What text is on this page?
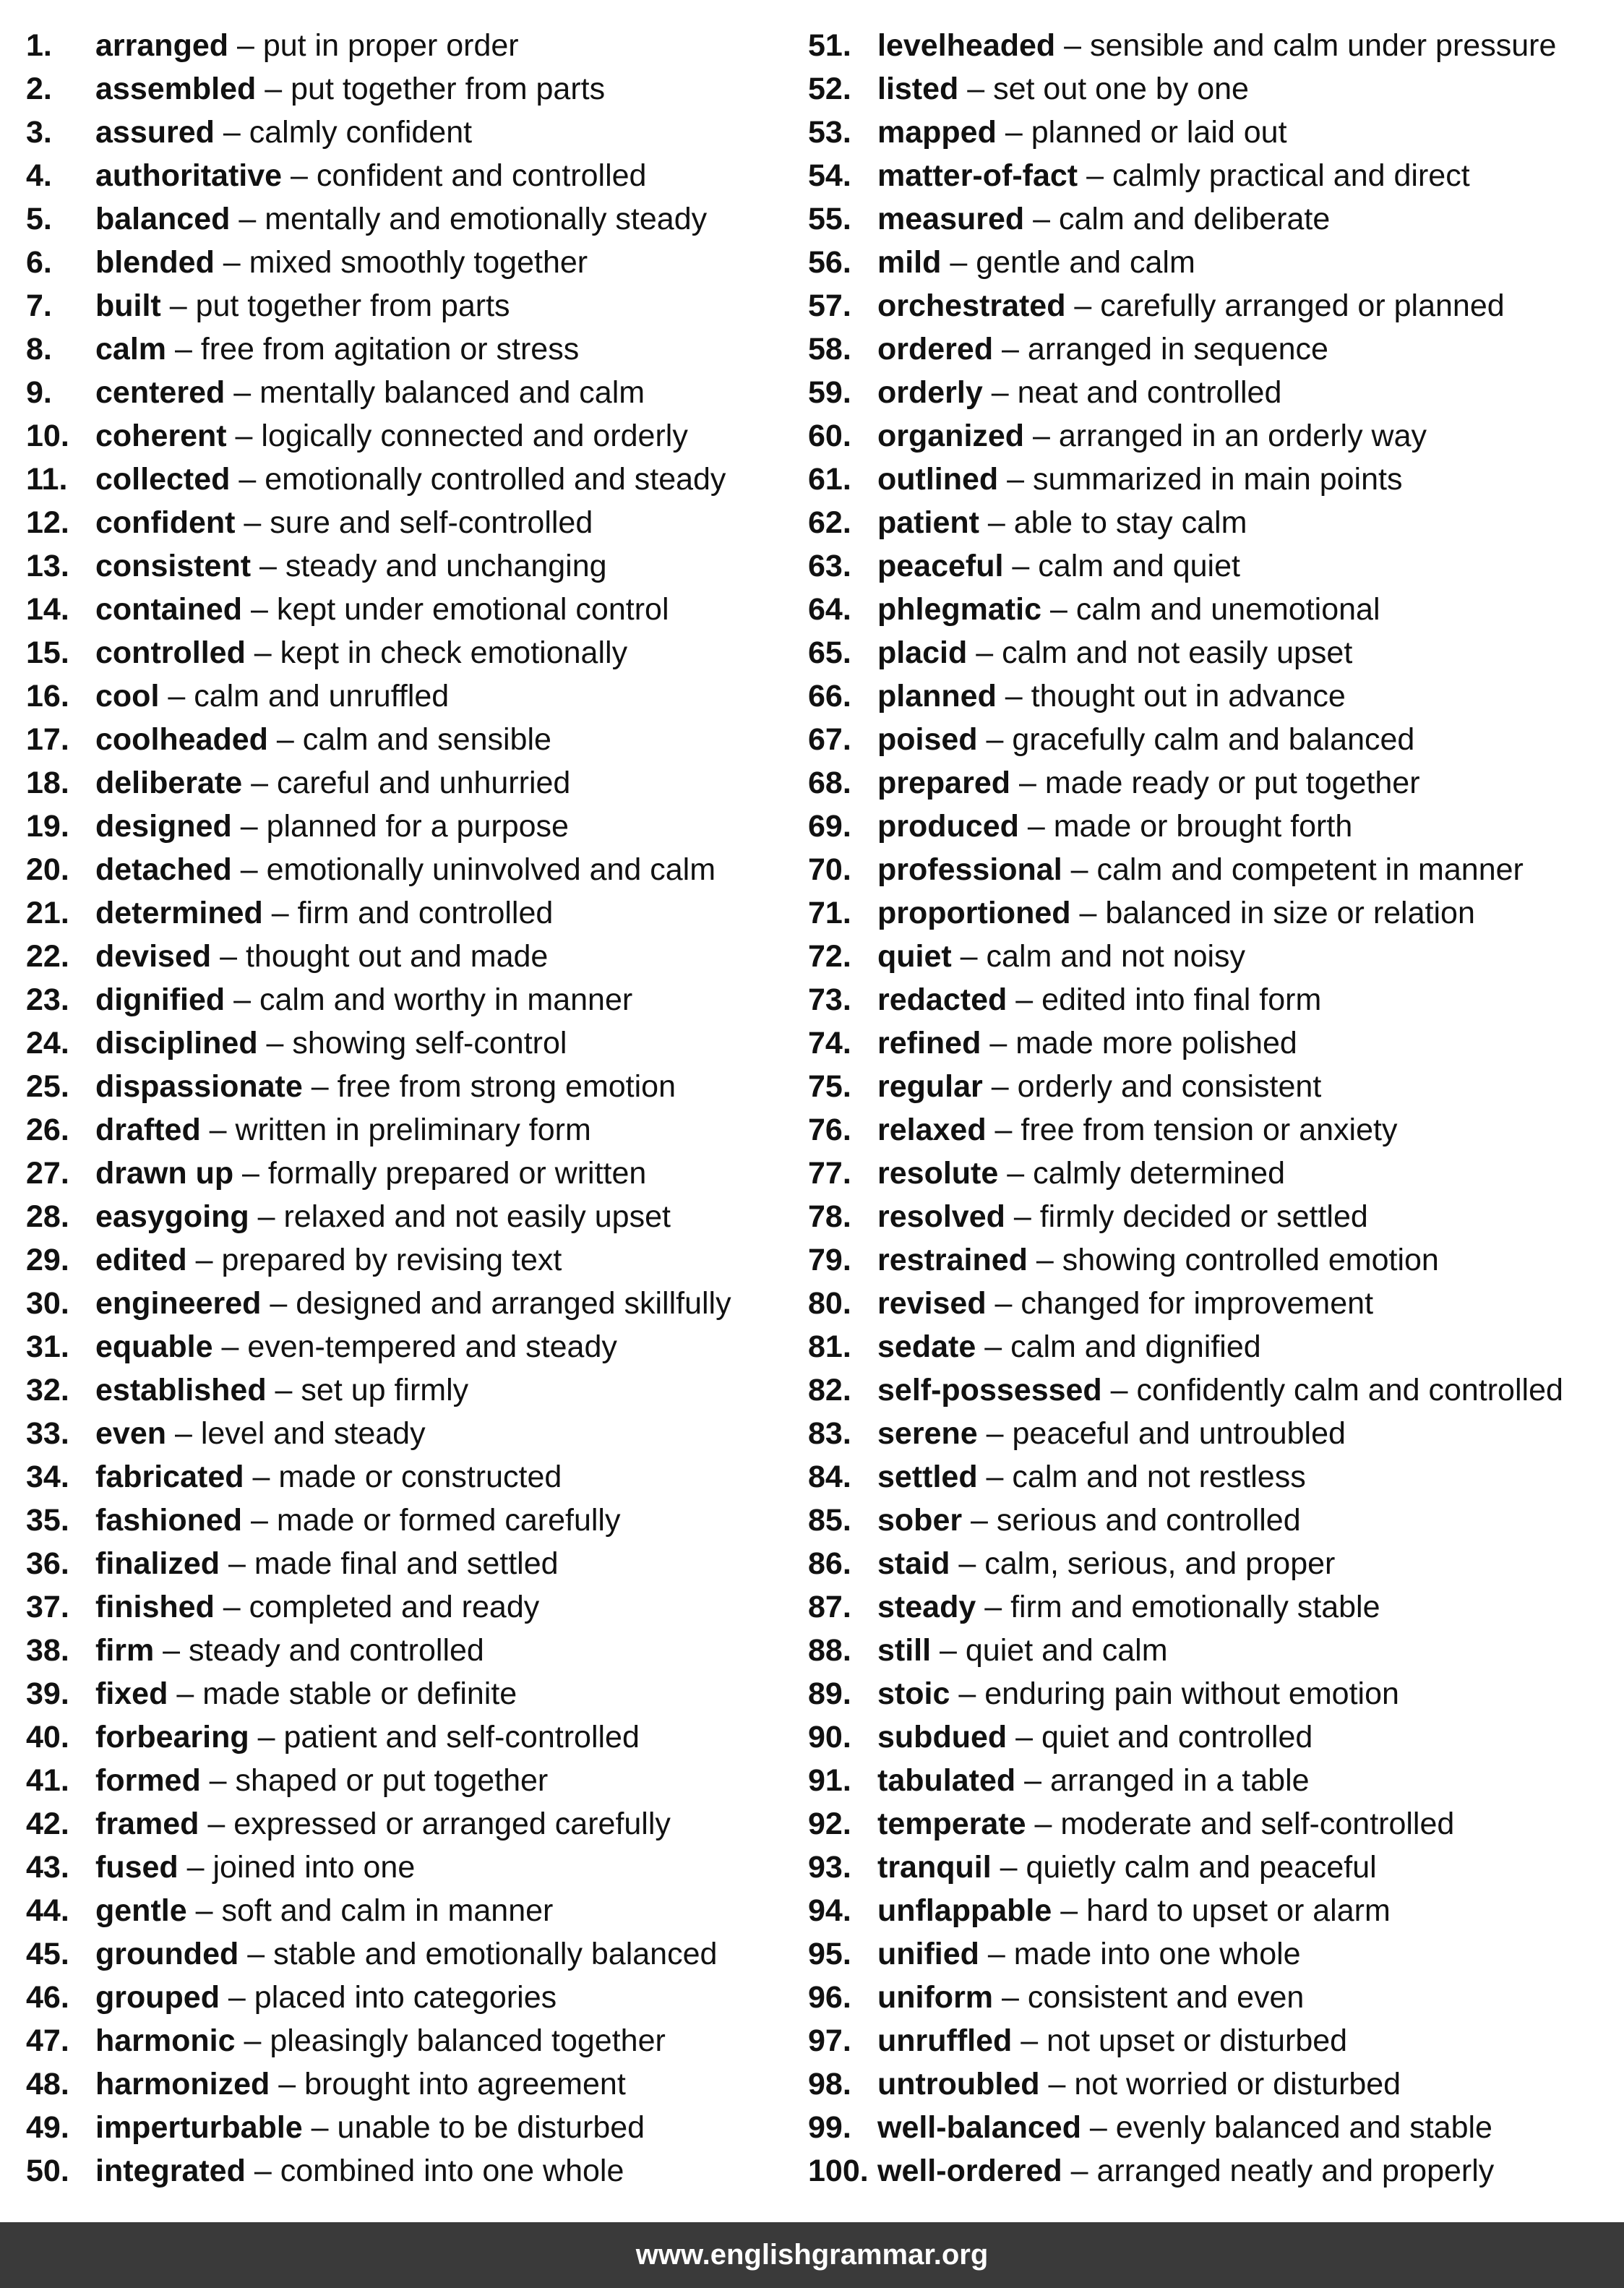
1.	arranged – put in proper order
2.	assembled – put together from parts
3.	assured – calmly confident
4.	authoritative – confident and controlled
5.	balanced – mentally and emotionally steady
6.	blended – mixed smoothly together
7.	built – put together from parts
8.	calm – free from agitation or stress
9.	centered – mentally balanced and calm
10. coherent – logically connected and orderly
11. collected – emotionally controlled and steady
12. confident – sure and self-controlled
13. consistent – steady and unchanging
14. contained – kept under emotional control
15. controlled – kept in check emotionally
16. cool – calm and unruffled
17. coolheaded – calm and sensible
18. deliberate – careful and unhurried
19. designed – planned for a purpose
20. detached – emotionally uninvolved and calm
21. determined – firm and controlled
22. devised – thought out and made
23. dignified – calm and worthy in manner
24. disciplined – showing self-control
25. dispassionate – free from strong emotion
26. drafted – written in preliminary form
27. drawn up – formally prepared or written
28. easygoing – relaxed and not easily upset
29. edited – prepared by revising text
30. engineered – designed and arranged skillfully
31. equable – even-tempered and steady
32. established – set up firmly
33. even – level and steady
34. fabricated – made or constructed
35. fashioned – made or formed carefully
36. finalized – made final and settled
37. finished – completed and ready
38. firm – steady and controlled
39. fixed – made stable or definite
40. forbearing – patient and self-controlled
41. formed – shaped or put together
42. framed – expressed or arranged carefully
43. fused – joined into one
44. gentle – soft and calm in manner
45. grounded – stable and emotionally balanced
46. grouped – placed into categories
47. harmonic – pleasingly balanced together
48. harmonized – brought into agreement
49. imperturbable – unable to be disturbed
50. integrated – combined into one whole
51. levelheaded – sensible and calm under pressure
52. listed – set out one by one
53. mapped – planned or laid out
54. matter-of-fact – calmly practical and direct
55. measured – calm and deliberate
56. mild – gentle and calm
57. orchestrated – carefully arranged or planned
58. ordered – arranged in sequence
59. orderly – neat and controlled
60. organized – arranged in an orderly way
61. outlined – summarized in main points
62. patient – able to stay calm
63. peaceful – calm and quiet
64. phlegmatic – calm and unemotional
65. placid – calm and not easily upset
66. planned – thought out in advance
67. poised – gracefully calm and balanced
68. prepared – made ready or put together
69. produced – made or brought forth
70. professional – calm and competent in manner
71. proportioned – balanced in size or relation
72. quiet – calm and not noisy
73. redacted – edited into final form
74. refined – made more polished
75. regular – orderly and consistent
76. relaxed – free from tension or anxiety
77. resolute – calmly determined
78. resolved – firmly decided or settled
79. restrained – showing controlled emotion
80. revised – changed for improvement
81. sedate – calm and dignified
82. self-possessed – confidently calm and controlled
83. serene – peaceful and untroubled
84. settled – calm and not restless
85. sober – serious and controlled
86. staid – calm, serious, and proper
87. steady – firm and emotionally stable
88. still – quiet and calm
89. stoic – enduring pain without emotion
90. subdued – quiet and controlled
91. tabulated – arranged in a table
92. temperate – moderate and self-controlled
93. tranquil – quietly calm and peaceful
94. unflappable – hard to upset or alarm
95. unified – made into one whole
96. uniform – consistent and even
97. unruffled – not upset or disturbed
98. untroubled – not worried or disturbed
99. well-balanced – evenly balanced and stable
100. well-ordered – arranged neatly and properly
www.englishgrammar.org
